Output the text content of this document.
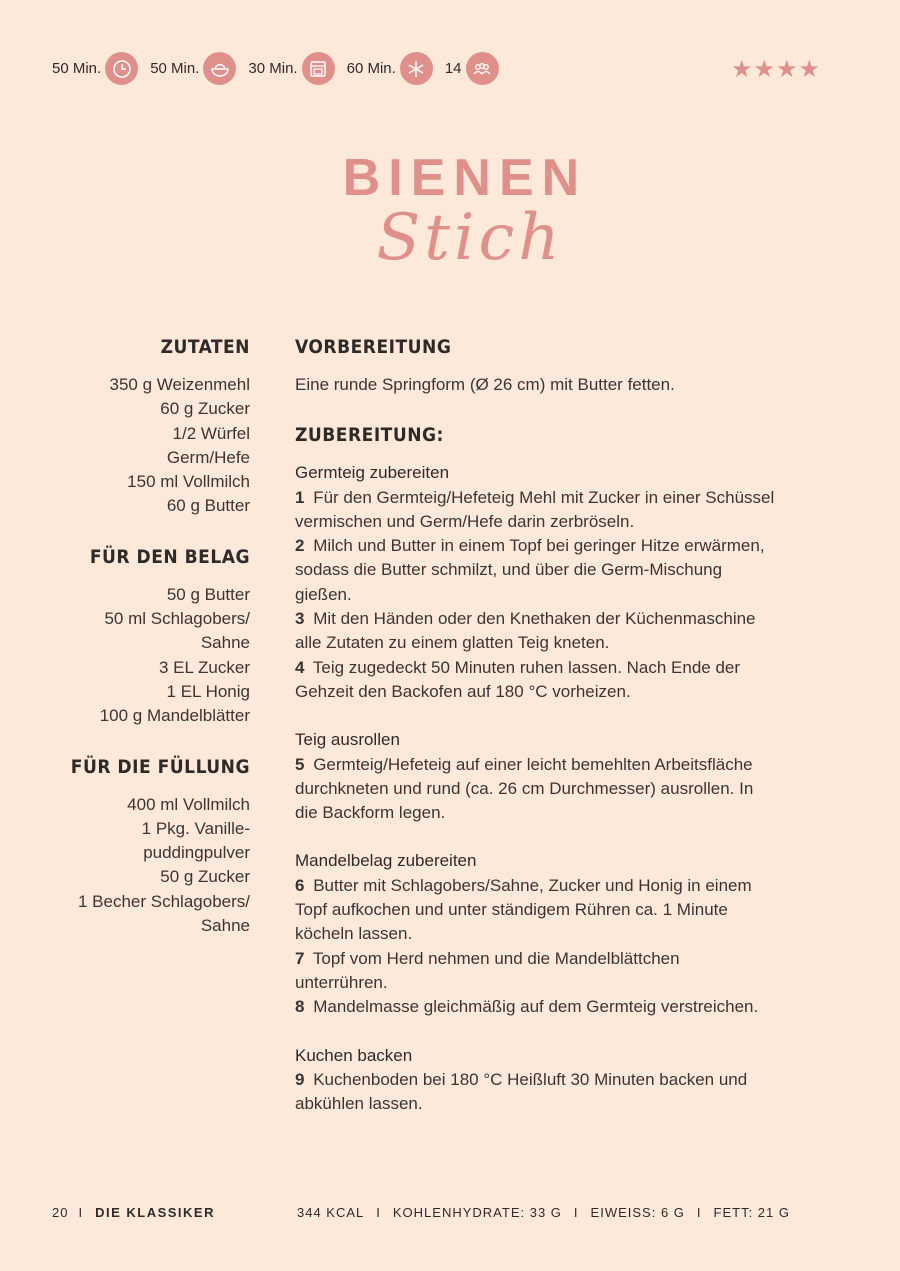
50 Min.	50 Min.	30 Min.	60 Min.	14	★ ★ ★ ★
BIENEN
Stich
ZUTATEN
350 g Weizenmehl
60 g Zucker
1/2 Würfel
Germ/Hefe
150 ml Vollmilch
60 g Butter
FÜR DEN BELAG
50 g Butter
50 ml Schlagobers/
Sahne
3 EL Zucker
1 EL Honig
100 g Mandelblätter
FÜR DIE FÜLLUNG
400 ml Vollmilch
1 Pkg. Vanille-
puddingpulver
50 g Zucker
1 Becher Schlagobers/
Sahne
VORBEREITUNG

Eine runde Springform (Ø 26 cm) mit Butter fetten.

ZUBEREITUNG:

Germteig zubereiten

1 Für den Germteig/Hefeteig Mehl mit Zucker in einer Schüssel vermischen und Germ/Hefe darin zerbröseln.

2 Milch und Butter in einem Topf bei geringer Hitze erwärmen, sodass die Butter schmilzt, und über die Germ-Mischung gießen.

3 Mit den Händen oder den Knethaken der Küchenmaschine alle Zutaten zu einem glatten Teig kneten.

4 Teig zugedeckt 50 Minuten ruhen lassen. Nach Ende der Gehzeit den Backofen auf 180 °C vorheizen.

Teig ausrollen

5 Germteig/Hefeteig auf einer leicht bemehlten Arbeitsfläche durchkneten und rund (ca. 26 cm Durchmesser) ausrollen. In die Backform legen.

Mandelbelag zubereiten

6 Butter mit Schlagobers/Sahne, Zucker und Honig in einem Topf aufkochen und unter ständigem Rühren ca. 1 Minute köcheln lassen.

7 Topf vom Herd nehmen und die Mandelblättchen unterrühren.

8 Mandelmasse gleichmäßig auf dem Germteig verstreichen.

Kuchen backen

9 Kuchenboden bei 180 °C Heißluft 30 Minuten backen und abkühlen lassen.

20 I DIE KLASSIKER	344 KCAL I KOHLENHYDRATE: 33 G I EIWEISS: 6 G I FETT: 21 G
